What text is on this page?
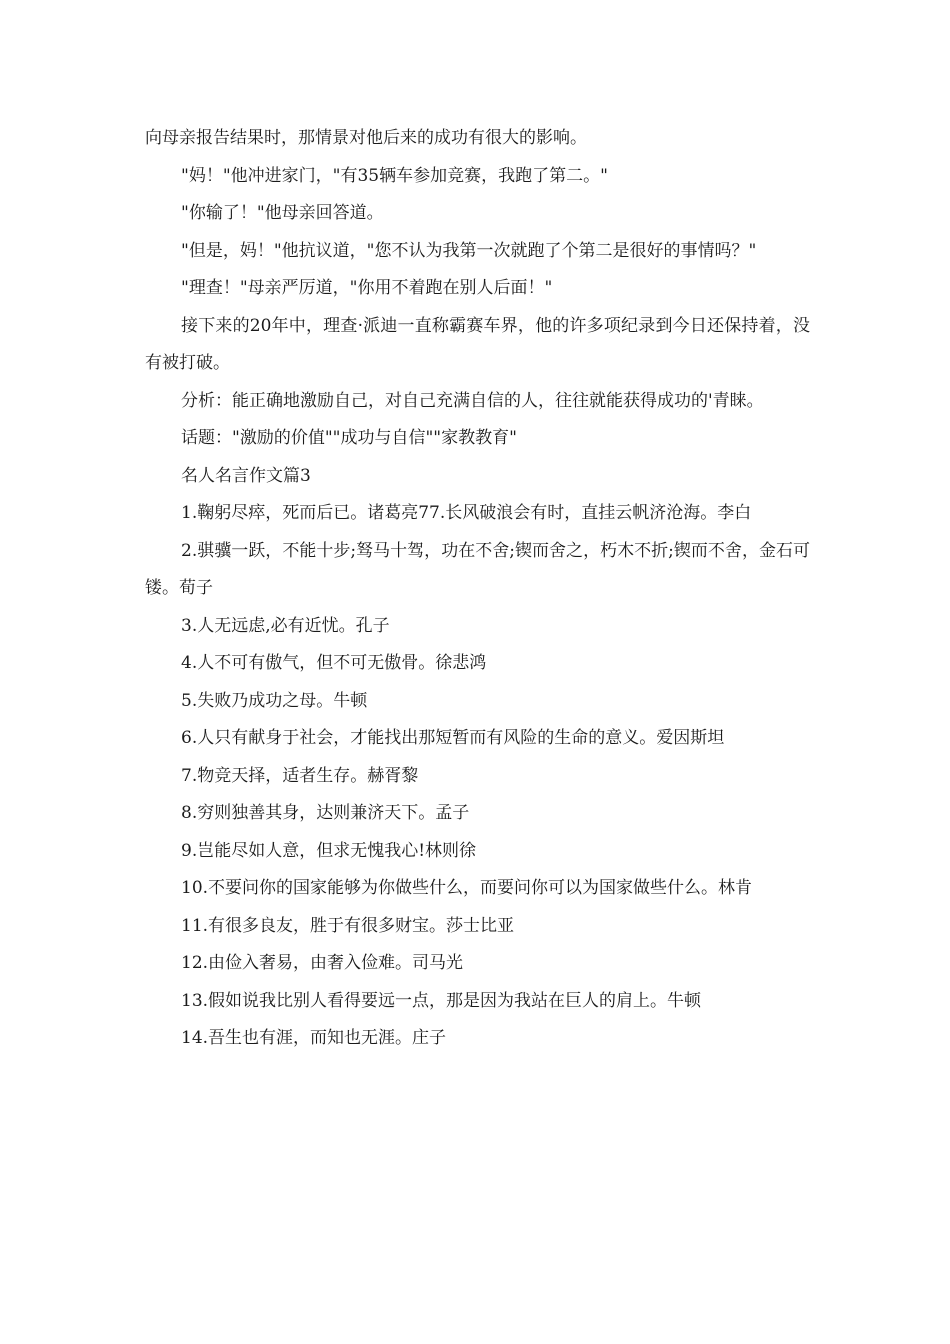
向母亲报告结果时，那情景对他后来的成功有很大的影响。

"妈！"他冲进家门，"有35辆车参加竞赛，我跑了第二。"

"你输了！"他母亲回答道。

"但是，妈！"他抗议道，"您不认为我第一次就跑了个第二是很好的事情吗？"

"理查！"母亲严厉道，"你用不着跑在别人后面！"

接下来的20年中，理查·派迪一直称霸赛车界，他的许多项纪录到今日还保持着，没有被打破。

分析：能正确地激励自己，对自己充满自信的人，往往就能获得成功的'青睐。

话题："激励的价值""成功与自信""家教教育"

名人名言作文篇3

1.鞠躬尽瘁，死而后已。诸葛亮77.长风破浪会有时，直挂云帆济沧海。李白

2.骐骥一跃，不能十步;驽马十驾，功在不舍;锲而舍之，朽木不折;锲而不舍，金石可镂。荀子

3.人无远虑,必有近忧。孔子

4.人不可有傲气，但不可无傲骨。徐悲鸿

5.失败乃成功之母。牛顿

6.人只有献身于社会，才能找出那短暂而有风险的生命的意义。爱因斯坦

7.物竞天择，适者生存。赫胥黎

8.穷则独善其身，达则兼济天下。孟子

9.岂能尽如人意，但求无愧我心!林则徐

10.不要问你的国家能够为你做些什么，而要问你可以为国家做些什么。林肯

11.有很多良友，胜于有很多财宝。莎士比亚

12.由俭入奢易，由奢入俭难。司马光

13.假如说我比别人看得要远一点，那是因为我站在巨人的肩上。牛顿

14.吾生也有涯，而知也无涯。庄子
